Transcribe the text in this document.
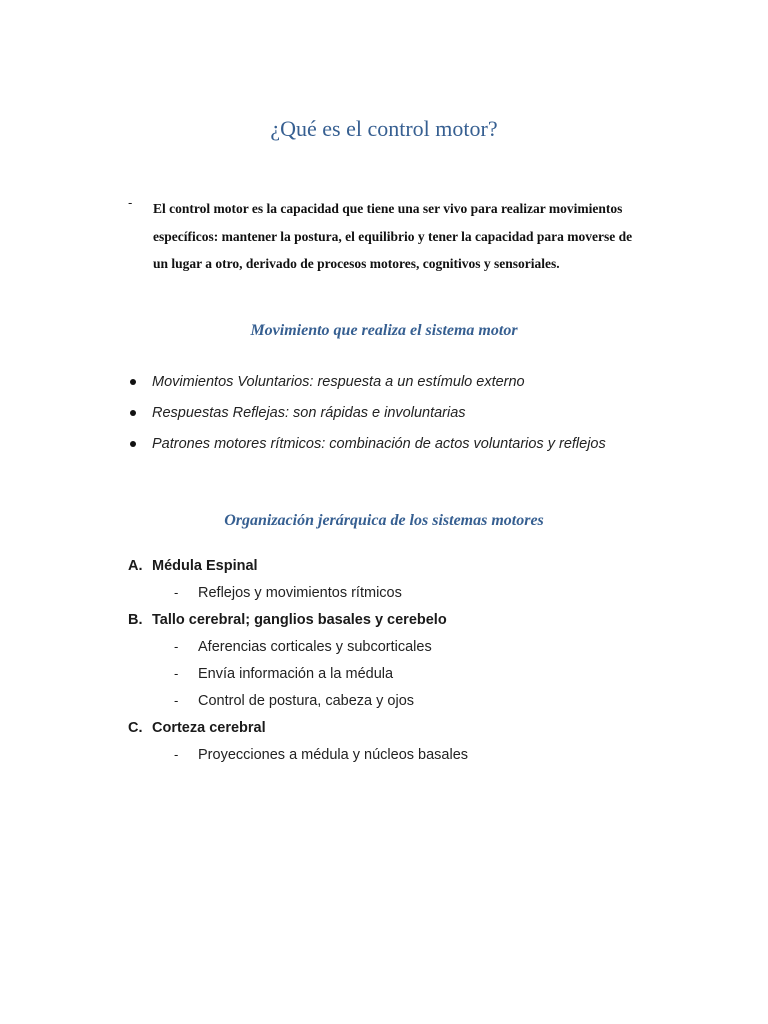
¿Qué es el control motor?
- El control motor es la capacidad que tiene una ser vivo para realizar movimientos específicos: mantener la postura, el equilibrio y tener la capacidad para moverse de un lugar a otro, derivado de procesos motores, cognitivos y sensoriales.
Movimiento que realiza el sistema motor
Movimientos Voluntarios: respuesta a un estímulo externo
Respuestas Reflejas: son rápidas e involuntarias
Patrones motores rítmicos: combinación de actos voluntarios y reflejos
Organización jerárquica de los sistemas motores
A. Médula Espinal
- Reflejos y movimientos rítmicos
B. Tallo cerebral; ganglios basales y cerebelo
- Aferencias corticales y subcorticales
- Envía información a la médula
- Control de postura, cabeza y ojos
C. Corteza cerebral
- Proyecciones a médula y núcleos basales
